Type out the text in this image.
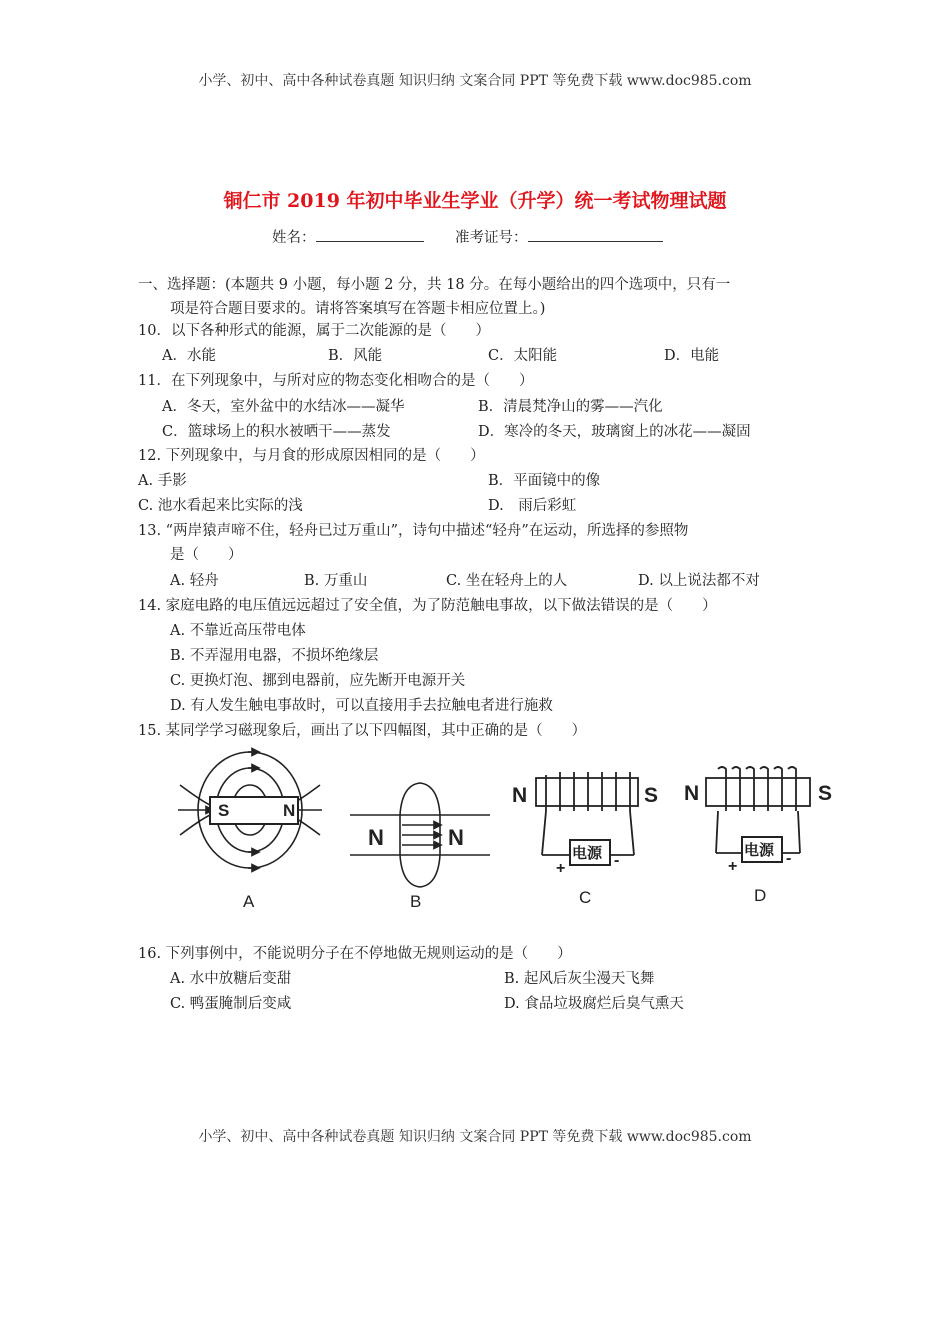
小学、初中、高中各种试卷真题 知识归纳 文案合同 PPT 等免费下载 www.doc985.com
铜仁市 2019 年初中毕业生学业（升学）统一考试物理试题
姓名：	准考证号：
一、选择题：(本题共 9 小题，每小题 2 分，共 18 分。在每小题给出的四个选项中，只有一
项是符合题目要求的。请将答案填写在答题卡相应位置上。)
10．以下各种形式的能源，属于二次能源的是（　　）
A．水能	B．风能	C．太阳能	D．电能
11．在下列现象中，与所对应的物态变化相吻合的是（　　）
A．冬天，室外盆中的水结冰——凝华	B．清晨梵净山的雾——汽化
C．篮球场上的积水被晒干——蒸发	D．寒冷的冬天，玻璃窗上的冰花——凝固
12. 下列现象中，与月食的形成原因相同的是（　　）
A. 手影	B．平面镜中的像
C. 池水看起来比实际的浅	D.　雨后彩虹
13. “两岸猿声啼不住，轻舟已过万重山”，诗句中描述“轻舟”在运动，所选择的参照物
是（　　）
A. 轻舟	B. 万重山	C. 坐在轻舟上的人	D. 以上说法都不对
14. 家庭电路的电压值远远超过了安全值，为了防范触电事故，以下做法错误的是（　　）
A. 不靠近高压带电体
B. 不弄湿用电器，不损坏绝缘层
C. 更换灯泡、挪到电器前，应先断开电源开关
D. 有人发生触电事故时，可以直接用手去拉触电者进行施救
15. 某同学学习磁现象后，画出了以下四幅图，其中正确的是（　　）
S	N
A
N	N
B
N	S
电源
+	-
C
N	S
电源
+	-
D
16. 下列事例中，不能说明分子在不停地做无规则运动的是（　　）
A. 水中放糖后变甜	B. 起风后灰尘漫天飞舞
C. 鸭蛋腌制后变咸	D. 食品垃圾腐烂后臭气熏天
小学、初中、高中各种试卷真题 知识归纳 文案合同 PPT 等免费下载 www.doc985.com
